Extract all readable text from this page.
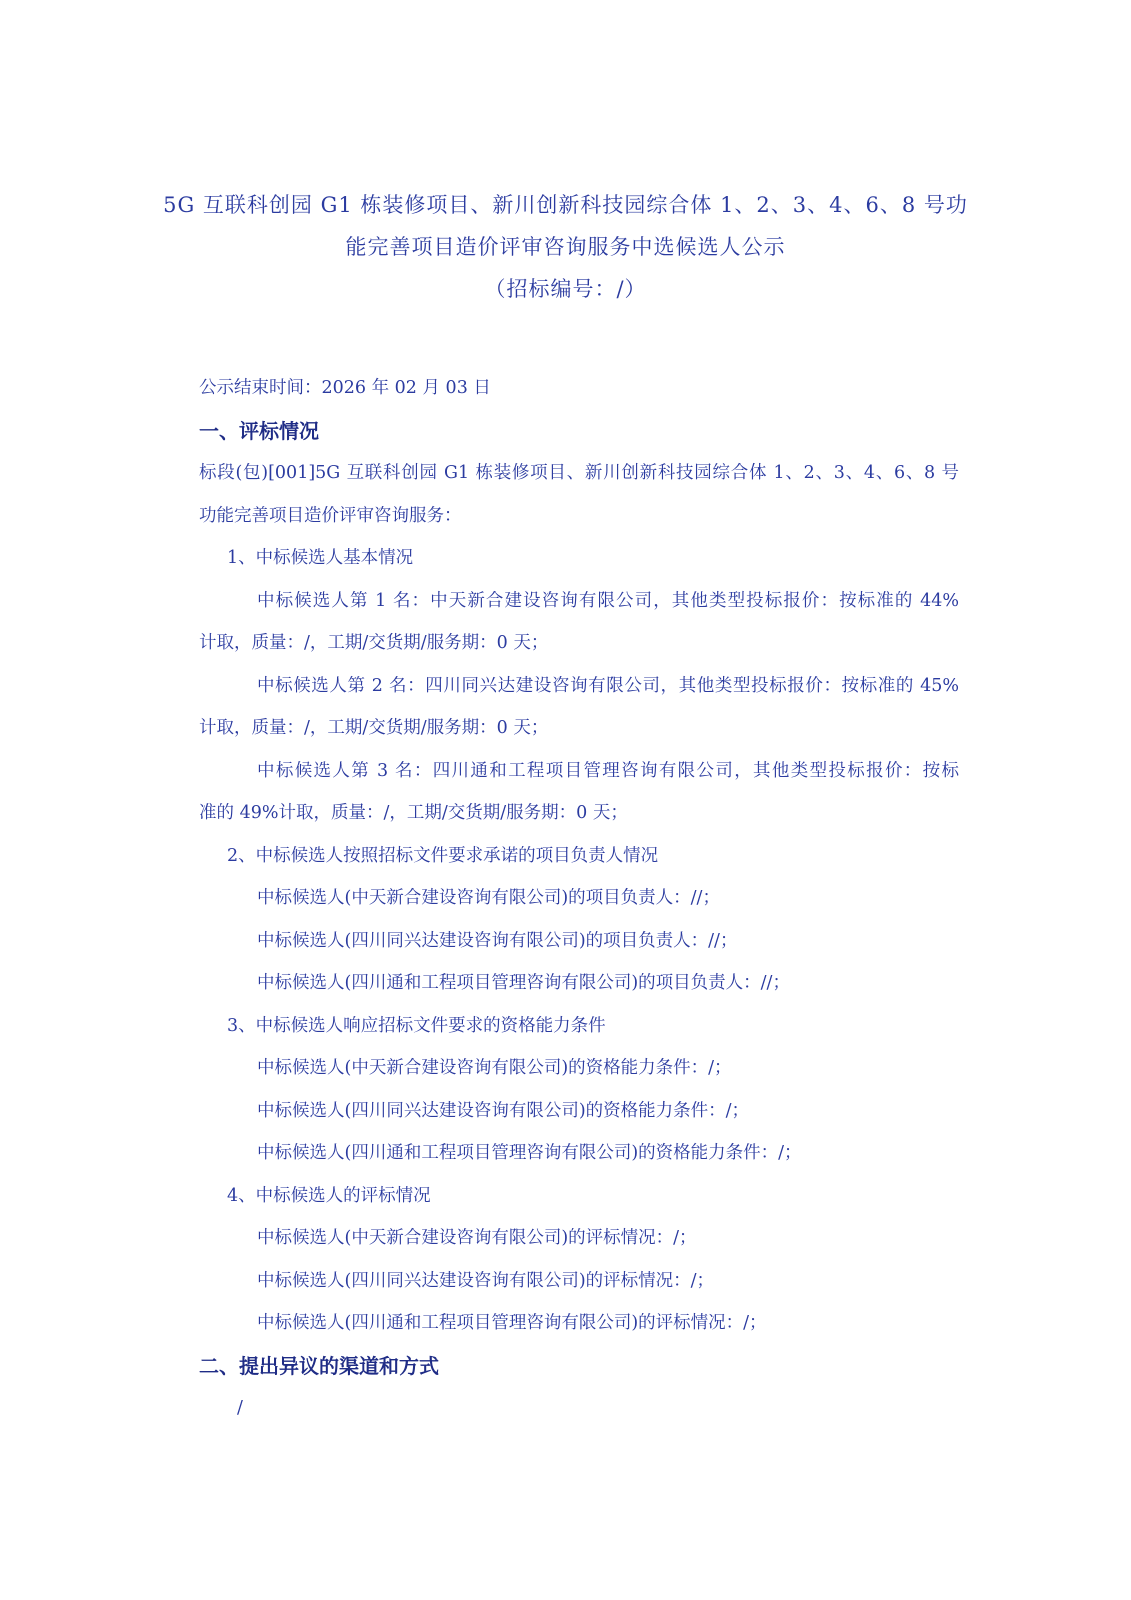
5G 互联科创园 G1 栋装修项目、新川创新科技园综合体 1、2、3、4、6、8 号功
能完善项目造价评审咨询服务中选候选人公示
（招标编号：/）
公示结束时间：2026 年 02 月 03 日
一、评标情况
标段(包)[001]5G 互联科创园 G1 栋装修项目、新川创新科技园综合体 1、2、3、4、6、8 号
功能完善项目造价评审咨询服务：
1、中标候选人基本情况
中标候选人第 1 名：中天新合建设咨询有限公司，其他类型投标报价：按标准的 44%
计取，质量：/，工期/交货期/服务期：0 天；
中标候选人第 2 名：四川同兴达建设咨询有限公司，其他类型投标报价：按标准的 45%
计取，质量：/，工期/交货期/服务期：0 天；
中标候选人第 3 名：四川通和工程项目管理咨询有限公司，其他类型投标报价：按标
准的 49%计取，质量：/，工期/交货期/服务期：0 天；
2、中标候选人按照招标文件要求承诺的项目负责人情况
中标候选人(中天新合建设咨询有限公司)的项目负责人：//；
中标候选人(四川同兴达建设咨询有限公司)的项目负责人：//；
中标候选人(四川通和工程项目管理咨询有限公司)的项目负责人：//；
3、中标候选人响应招标文件要求的资格能力条件
中标候选人(中天新合建设咨询有限公司)的资格能力条件：/；
中标候选人(四川同兴达建设咨询有限公司)的资格能力条件：/；
中标候选人(四川通和工程项目管理咨询有限公司)的资格能力条件：/；
4、中标候选人的评标情况
中标候选人(中天新合建设咨询有限公司)的评标情况：/；
中标候选人(四川同兴达建设咨询有限公司)的评标情况：/；
中标候选人(四川通和工程项目管理咨询有限公司)的评标情况：/；
二、提出异议的渠道和方式
/
